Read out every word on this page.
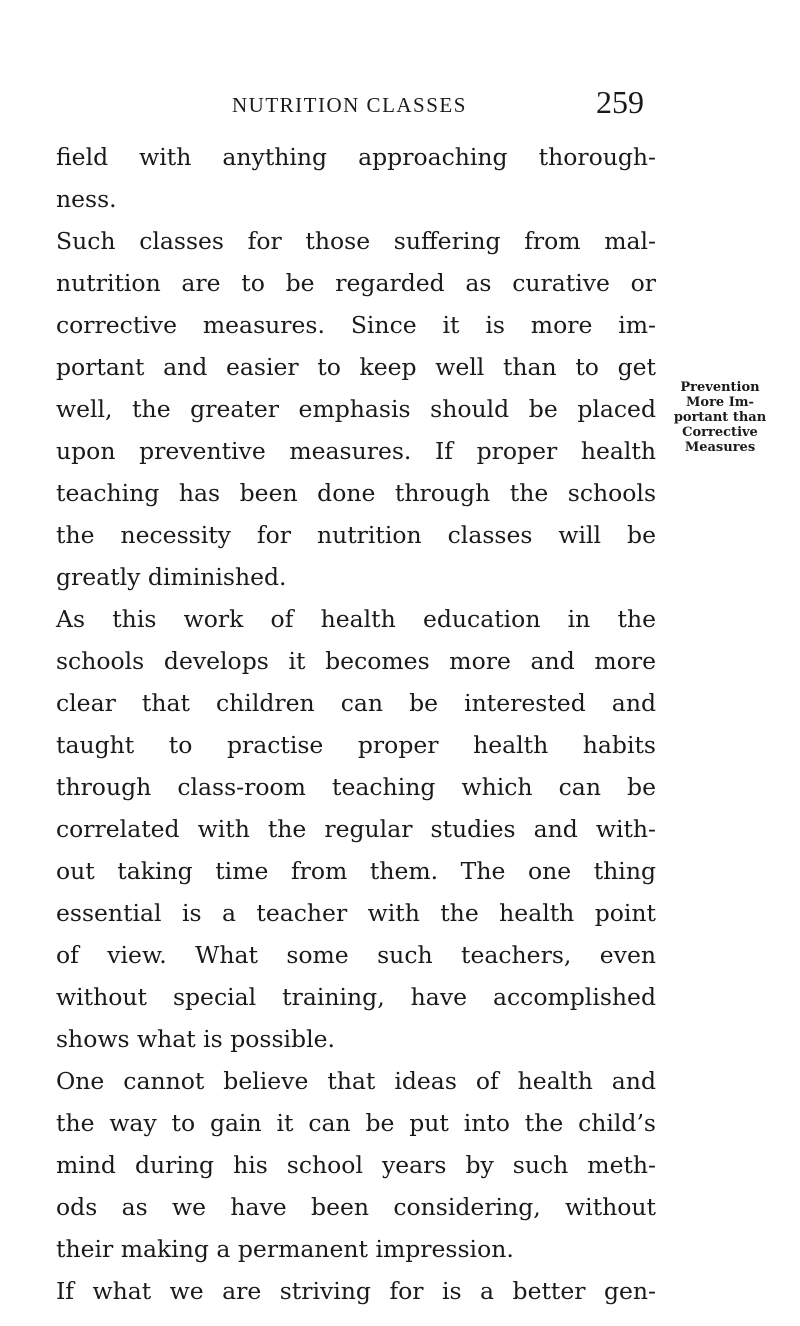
NUTRITION CLASSES	259
field with anything approaching thorough-
ness.
Such classes for those suffering from mal-
nutrition are to be regarded as curative or
corrective measures. Since it is more im-
portant and easier to keep well than to get
well, the greater emphasis should be placed
upon preventive measures. If proper health
teaching has been done through the schools
the necessity for nutrition classes will be
greatly diminished.
As this work of health education in the
schools develops it becomes more and more
clear that children can be interested and
taught to practise proper health habits
through class-room teaching which can be
correlated with the regular studies and with-
out taking time from them. The one thing
essential is a teacher with the health point
of view. What some such teachers, even
without special training, have accomplished
shows what is possible.
One cannot believe that ideas of health and
the way to gain it can be put into the child’s
mind during his school years by such meth-
ods as we have been considering, without
their making a permanent impression.
If what we are striving for is a better gen-
Prevention
More Im-
portant than
Corrective
Measures
